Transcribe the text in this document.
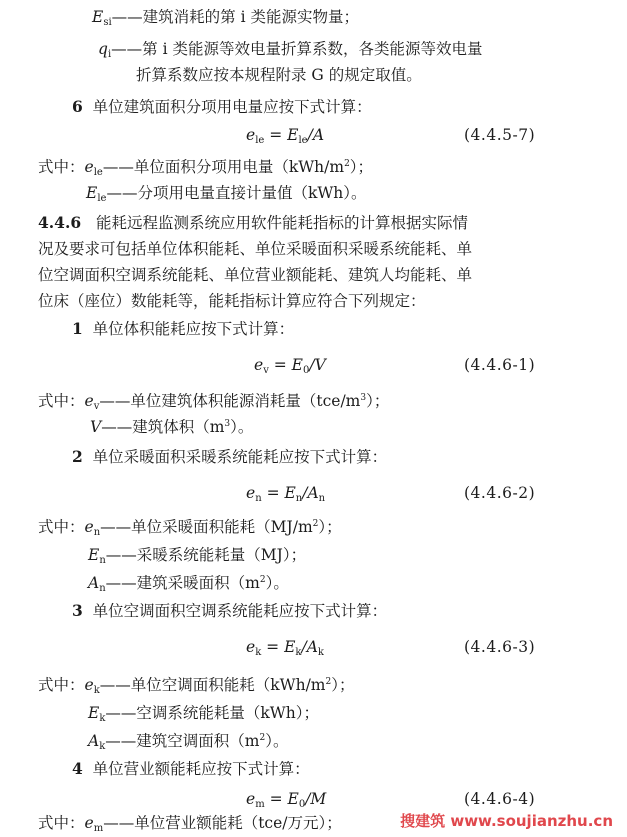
Esi——建筑消耗的第 i 类能源实物量；
qi——第 i 类能源等效电量折算系数，各类能源等效电量
折算系数应按本规程附录 G 的规定取值。
6 单位建筑面积分项用电量应按下式计算：
ele = Ele/A	(4.4.5-7)
式中：ele——单位面积分项用电量$(kWh/m^2)$；
Ele——分项用电量直接计量值（kWh）。
4.4.6 能耗远程监测系统应用软件能耗指标的计算根据实际情
况及要求可包括单位体积能耗、单位采暖面积采暖系统能耗、单
位空调面积空调系统能耗、单位营业额能耗、建筑人均能耗、单
位床（座位）数能耗等，能耗指标计算应符合下列规定：
1 单位体积能耗应按下式计算：
ev = E0/V	(4.4.6-1)
式中：ev——单位建筑体积能源消耗量$(tce/m^3)$；
V——建筑体积$(m^3)$。
2 单位采暖面积采暖系统能耗应按下式计算：
en = En/An	(4.4.6-2)
式中：en——单位采暖面积能耗$(MJ/m^2)$；
En——采暖系统能耗量（MJ）；
An——建筑采暖面积$(m^2)$。
3 单位空调面积空调系统能耗应按下式计算：
ek = Ek/Ak	(4.4.6-3)
式中：ek——单位空调面积能耗$(kWh/m^2)$；
Ek——空调系统能耗量（kWh）；
Ak——建筑空调面积$(m^2)$。
4 单位营业额能耗应按下式计算：
em = E0/M	(4.4.6-4)
式中：em——单位营业额能耗（tce/万元）；	搜建筑 www.soujianzhu.cn
